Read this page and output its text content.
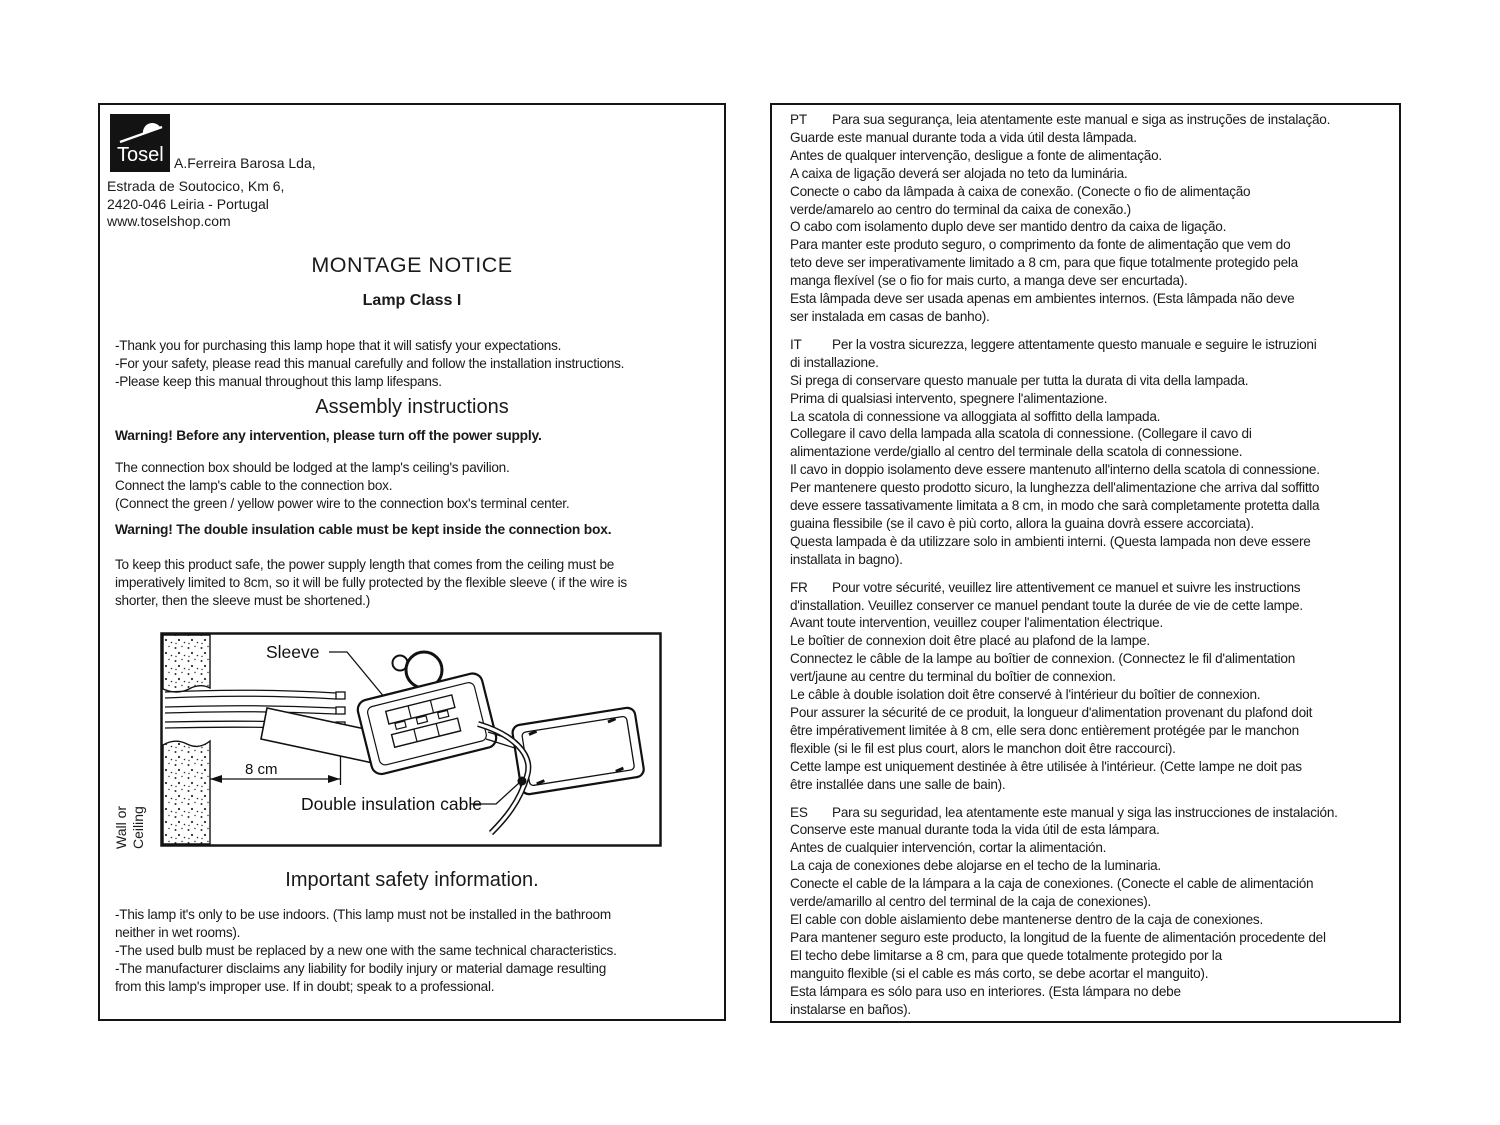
Tosel A.Ferreira Barosa Lda,
Estrada de Soutocico, Km 6,
2420-046 Leiria - Portugal
www.toselshop.com
MONTAGE NOTICE
Lamp Class I
-Thank you for purchasing this lamp hope that it will satisfy your expectations.
-For your safety, please read this manual carefully and follow the installation instructions.
-Please keep this manual throughout this lamp lifespans.
Assembly instructions
Warning! Before any intervention, please turn off the power supply.
The connection box should be lodged at the lamp's ceiling's pavilion.
Connect the lamp's cable to the connection box.
(Connect the green / yellow power wire to the connection box's terminal center.
Warning! The double insulation cable must be kept inside the connection box.
To keep this product safe, the power supply length that comes from the ceiling must be
imperatively limited to 8cm, so it will be fully protected by the flexible sleeve ( if the wire is
shorter, then the sleeve must be shortened.)
8 cm
Sleeve
Double insulation cable
Wall or Ceiling
Important safety information.
-This lamp it's only to be use indoors. (This lamp must not be installed in the bathroom
neither in wet rooms).
-The used bulb must be replaced by a new one with the same technical characteristics.
-The manufacturer disclaims any liability for bodily injury or material damage resulting
from this lamp's improper use. If in doubt; speak to a professional.
PT	Para sua segurança, leia atentamente este manual e siga as instruções de instalação.
Guarde este manual durante toda a vida útil desta lâmpada.
Antes de qualquer intervenção, desligue a fonte de alimentação.
A caixa de ligação deverá ser alojada no teto da luminária.
Conecte o cabo da lâmpada à caixa de conexão. (Conecte o fio de alimentação
verde/amarelo ao centro do terminal da caixa de conexão.)
O cabo com isolamento duplo deve ser mantido dentro da caixa de ligação.
Para manter este produto seguro, o comprimento da fonte de alimentação que vem do
teto deve ser imperativamente limitado a 8 cm, para que fique totalmente protegido pela
manga flexível (se o fio for mais curto, a manga deve ser encurtada).
Esta lâmpada deve ser usada apenas em ambientes internos. (Esta lâmpada não deve
ser instalada em casas de banho).
IT	Per la vostra sicurezza, leggere attentamente questo manuale e seguire le istruzioni
di installazione.
Si prega di conservare questo manuale per tutta la durata di vita della lampada.
Prima di qualsiasi intervento, spegnere l'alimentazione.
La scatola di connessione va alloggiata al soffitto della lampada.
Collegare il cavo della lampada alla scatola di connessione. (Collegare il cavo di
alimentazione verde/giallo al centro del terminale della scatola di connessione.
Il cavo in doppio isolamento deve essere mantenuto all'interno della scatola di connessione.
Per mantenere questo prodotto sicuro, la lunghezza dell'alimentazione che arriva dal soffitto
deve essere tassativamente limitata a 8 cm, in modo che sarà completamente protetta dalla
guaina flessibile (se il cavo è più corto, allora la guaina dovrà essere accorciata).
Questa lampada è da utilizzare solo in ambienti interni. (Questa lampada non deve essere
installata in bagno).
FR	Pour votre sécurité, veuillez lire attentivement ce manuel et suivre les instructions
d'installation. Veuillez conserver ce manuel pendant toute la durée de vie de cette lampe.
Avant toute intervention, veuillez couper l'alimentation électrique.
Le boîtier de connexion doit être placé au plafond de la lampe.
Connectez le câble de la lampe au boîtier de connexion. (Connectez le fil d'alimentation
vert/jaune au centre du terminal du boîtier de connexion.
Le câble à double isolation doit être conservé à l'intérieur du boîtier de connexion.
Pour assurer la sécurité de ce produit, la longueur d'alimentation provenant du plafond doit
être impérativement limitée à 8 cm, elle sera donc entièrement protégée par le manchon
flexible (si le fil est plus court, alors le manchon doit être raccourci).
Cette lampe est uniquement destinée à être utilisée à l'intérieur. (Cette lampe ne doit pas
être installée dans une salle de bain).
ES	Para su seguridad, lea atentamente este manual y siga las instrucciones de instalación.
Conserve este manual durante toda la vida útil de esta lámpara.
Antes de cualquier intervención, cortar la alimentación.
La caja de conexiones debe alojarse en el techo de la luminaria.
Conecte el cable de la lámpara a la caja de conexiones. (Conecte el cable de alimentación
verde/amarillo al centro del terminal de la caja de conexiones).
El cable con doble aislamiento debe mantenerse dentro de la caja de conexiones.
Para mantener seguro este producto, la longitud de la fuente de alimentación procedente del
El techo debe limitarse a 8 cm, para que quede totalmente protegido por la
manguito flexible (si el cable es más corto, se debe acortar el manguito).
Esta lámpara es sólo para uso en interiores. (Esta lámpara no debe
instalarse en baños).
